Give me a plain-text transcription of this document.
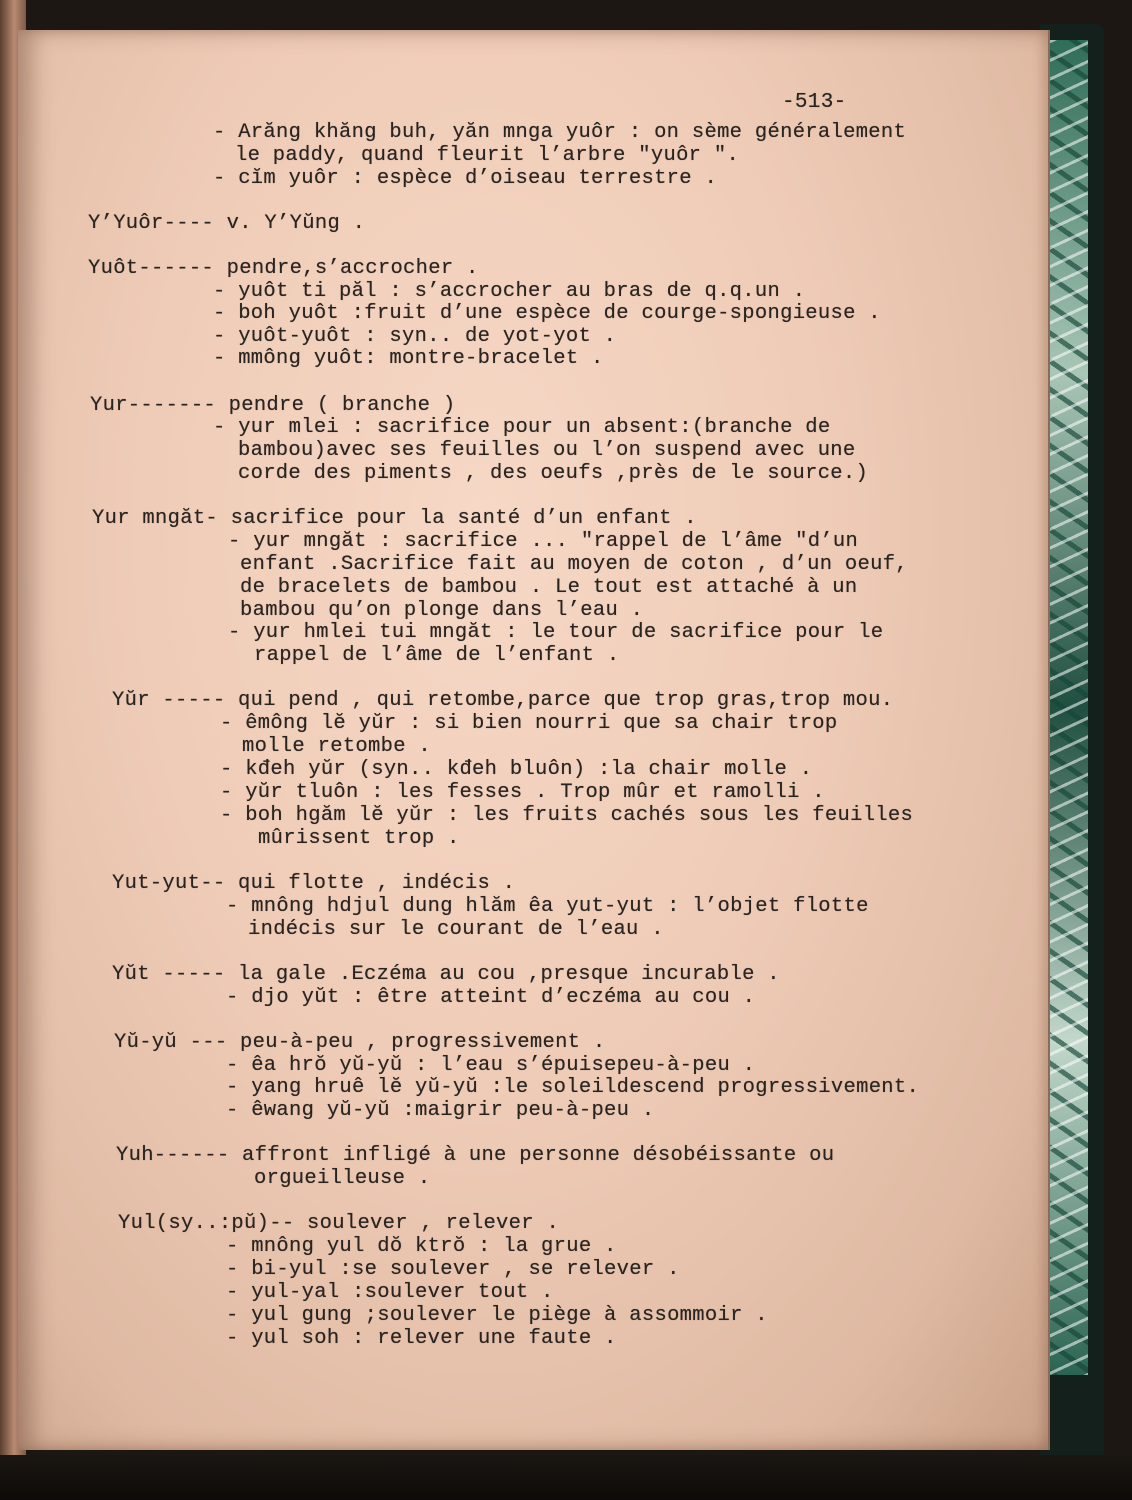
-513-
- Arăng khăng buh, yăn mnga yuôr : on sème généralement
le paddy, quand fleurit l’arbre "yuôr ".
- cĭm yuôr : espèce d’oiseau terrestre .
Y’Yuôr---- v. Y’Yŭng .
Yuôt------ pendre,s’accrocher .
- yuôt ti păl : s’accrocher au bras de q.q.un .
- boh yuôt :fruit d’une espèce de courge-spongieuse .
- yuôt-yuôt : syn.. de yot-yot .
- mmông yuôt: montre-bracelet .
Yur------- pendre ( branche )
- yur mlei : sacrifice pour un absent:(branche de
bambou)avec ses feuilles ou l’on suspend avec une
corde des piments , des oeufs ,près de le source.)
Yur mngăt- sacrifice pour la santé d’un enfant .
- yur mngăt : sacrifice ... "rappel de l’âme "d’un
enfant .Sacrifice fait au moyen de coton , d’un oeuf,
de bracelets de bambou . Le tout est attaché à un
bambou qu’on plonge dans l’eau .
- yur hmlei tui mngăt : le tour de sacrifice pour le
rappel de l’âme de l’enfant .
Yŭr ----- qui pend , qui retombe,parce que trop gras,trop mou.
- êmông lĕ yŭr : si bien nourri que sa chair trop
molle retombe .
- kđeh yŭr (syn.. kđeh bluôn) :la chair molle .
- yŭr tluôn : les fesses . Trop mûr et ramolli .
- boh hgăm lĕ yŭr : les fruits cachés sous les feuilles
mûrissent trop .
Yut-yut-- qui flotte , indécis .
- mnông hdjul dung hlăm êa yut-yut : l’objet flotte
indécis sur le courant de l’eau .
Yŭt ----- la gale .Eczéma au cou ,presque incurable .
- djo yŭt : être atteint d’eczéma au cou .
Yŭ-yŭ --- peu-à-peu , progressivement .
- êa hrŏ yŭ-yŭ : l’eau s’épuisepeu-à-peu .
- yang hruê lĕ yŭ-yŭ :le soleildescend progressivement.
- êwang yŭ-yŭ :maigrir peu-à-peu .
Yuh------ affront infligé à une personne désobéissante ou
orgueilleuse .
Yul(sy..:pŭ)-- soulever , relever .
- mnông yul dŏ ktrŏ : la grue .
- bi-yul :se soulever , se relever .
- yul-yal :soulever tout .
- yul gung ;soulever le piège à assommoir .
- yul soh : relever une faute .
